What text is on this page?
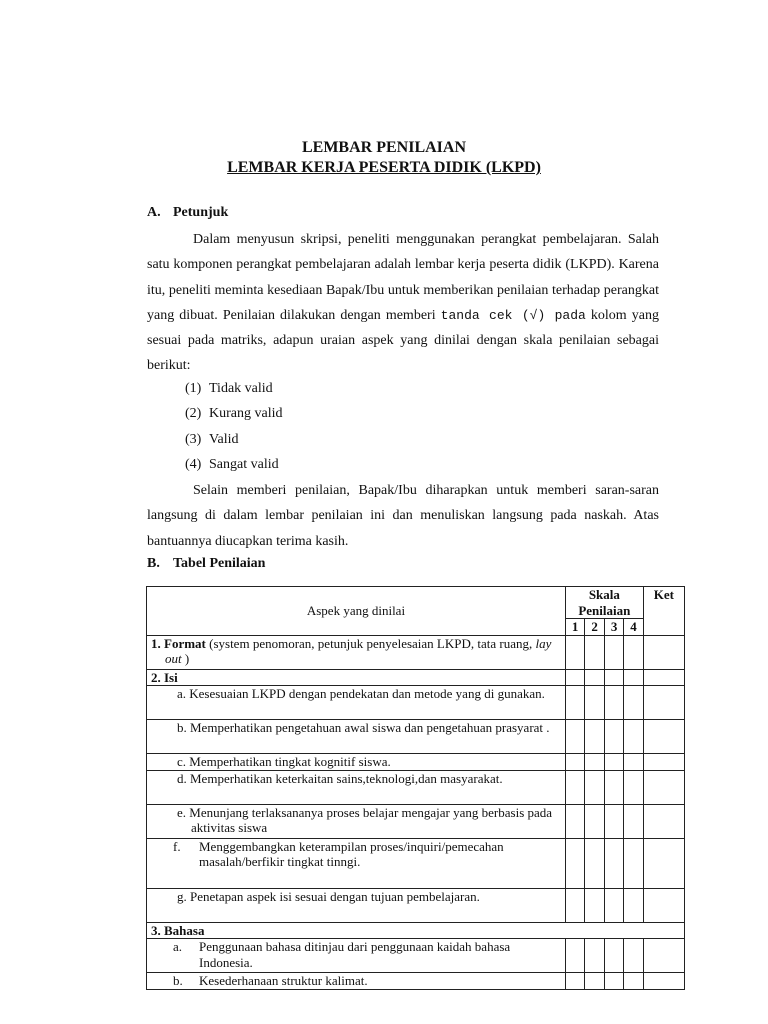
LEMBAR PENILAIAN
LEMBAR KERJA PESERTA DIDIK (LKPD)
A. Petunjuk
Dalam menyusun skripsi, peneliti menggunakan perangkat pembelajaran. Salah satu komponen perangkat pembelajaran adalah lembar kerja peserta didik (LKPD). Karena itu, peneliti meminta kesediaan Bapak/Ibu untuk memberikan penilaian terhadap perangkat yang dibuat. Penilaian dilakukan dengan memberi tanda cek (√) pada kolom yang sesuai pada matriks, adapun uraian aspek yang dinilai dengan skala penilaian sebagai berikut:
(1) Tidak valid
(2) Kurang valid
(3) Valid
(4) Sangat valid
Selain memberi penilaian, Bapak/Ibu diharapkan untuk memberi saran-saran langsung di dalam lembar penilaian ini dan menuliskan langsung pada naskah. Atas bantuannya diucapkan terima kasih.
B. Tabel Penilaian
Aspek yang dinilai	Skala Penilaian				Ket
	1	2	3	4	

1. Format (system penomoran, petunjuk penyelesaian LKPD, tata ruang, lay out )					

2. Isi					

a. Kesesuaian LKPD dengan pendekatan dan metode yang di gunakan.					

b. Memperhatikan pengetahuan awal siswa dan pengetahuan prasyarat .					

c. Memperhatikan tingkat kognitif siswa.					

d. Memperhatikan keterkaitan sains,teknologi,dan masyarakat.					

e. Menunjang terlaksananya proses belajar mengajar yang berbasis pada aktivitas siswa					

f. Menggembangkan keterampilan proses/inquiri/pemecahan masalah/berfikir tingkat tinngi.					

g. Penetapan aspek isi sesuai dengan tujuan pembelajaran.					

3. Bahasa					

a. Penggunaan bahasa ditinjau dari penggunaan kaidah bahasa Indonesia.					

b. Kesederhanaan struktur kalimat.					
